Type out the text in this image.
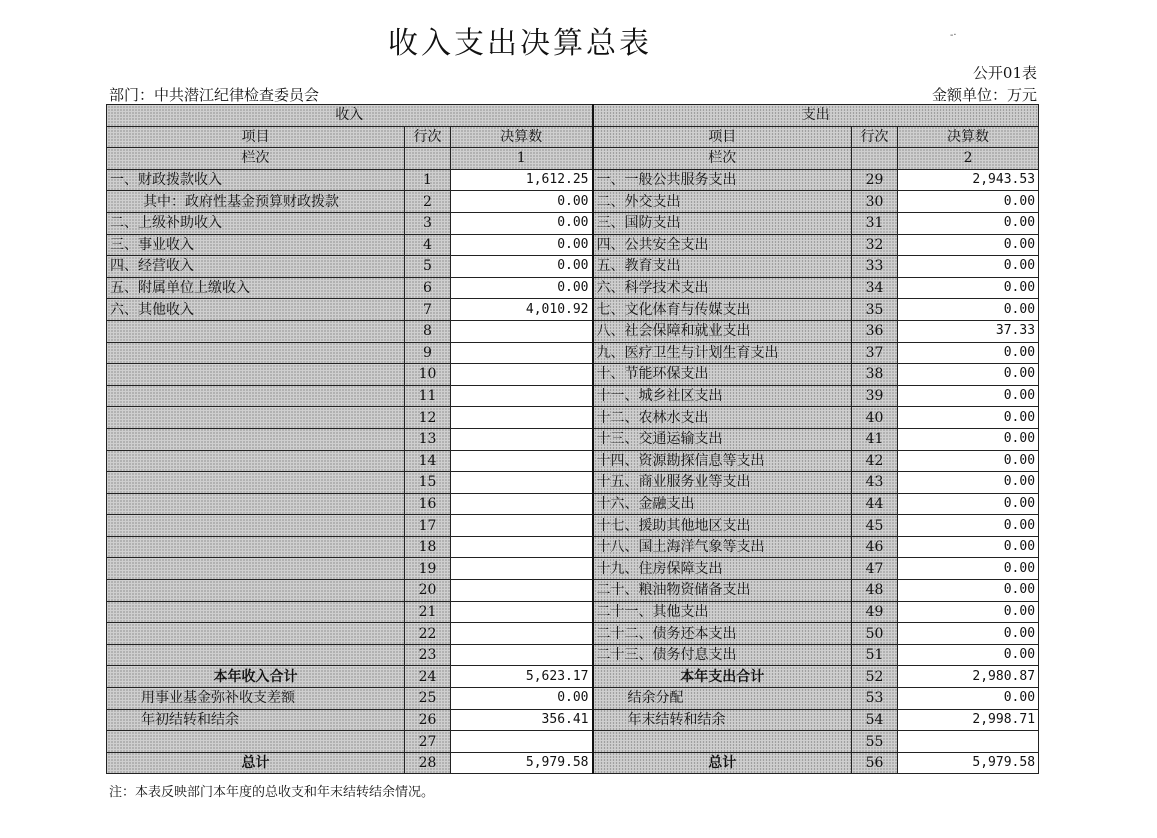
收入支出决算总表	-·
公开01表
部门：中共潜江纪律检查委员会	金额单位：万元
收入			支出		
项目	行次	决算数	项目	行次	决算数
栏次		1	栏次		2
一、财政拨款收入	1	1,612.25	一、一般公共服务支出	29	2,943.53
其中：政府性基金预算财政拨款	2	0.00	二、外交支出	30	0.00
二、上级补助收入	3	0.00	三、国防支出	31	0.00
三、事业收入	4	0.00	四、公共安全支出	32	0.00
四、经营收入	5	0.00	五、教育支出	33	0.00
五、附属单位上缴收入	6	0.00	六、科学技术支出	34	0.00
六、其他收入	7	4,010.92	七、文化体育与传媒支出	35	0.00
	8		八、社会保障和就业支出	36	37.33
	9		九、医疗卫生与计划生育支出	37	0.00
	10		十、节能环保支出	38	0.00
	11		十一、城乡社区支出	39	0.00
	12		十二、农林水支出	40	0.00
	13		十三、交通运输支出	41	0.00
	14		十四、资源勘探信息等支出	42	0.00
	15		十五、商业服务业等支出	43	0.00
	16		十六、金融支出	44	0.00
	17		十七、援助其他地区支出	45	0.00
	18		十八、国土海洋气象等支出	46	0.00
	19		十九、住房保障支出	47	0.00
	20		二十、粮油物资储备支出	48	0.00
	21		二十一、其他支出	49	0.00
	22		二十二、债务还本支出	50	0.00
	23		二十三、债务付息支出	51	0.00
本年收入合计	24	5,623.17	本年支出合计	52	2,980.87
用事业基金弥补收支差额	25	0.00	结余分配	53	0.00
年初结转和结余	26	356.41	年末结转和结余	54	2,998.71
	27			55	
总计	28	5,979.58	总计	56	5,979.58
注：本表反映部门本年度的总收支和年末结转结余情况。
